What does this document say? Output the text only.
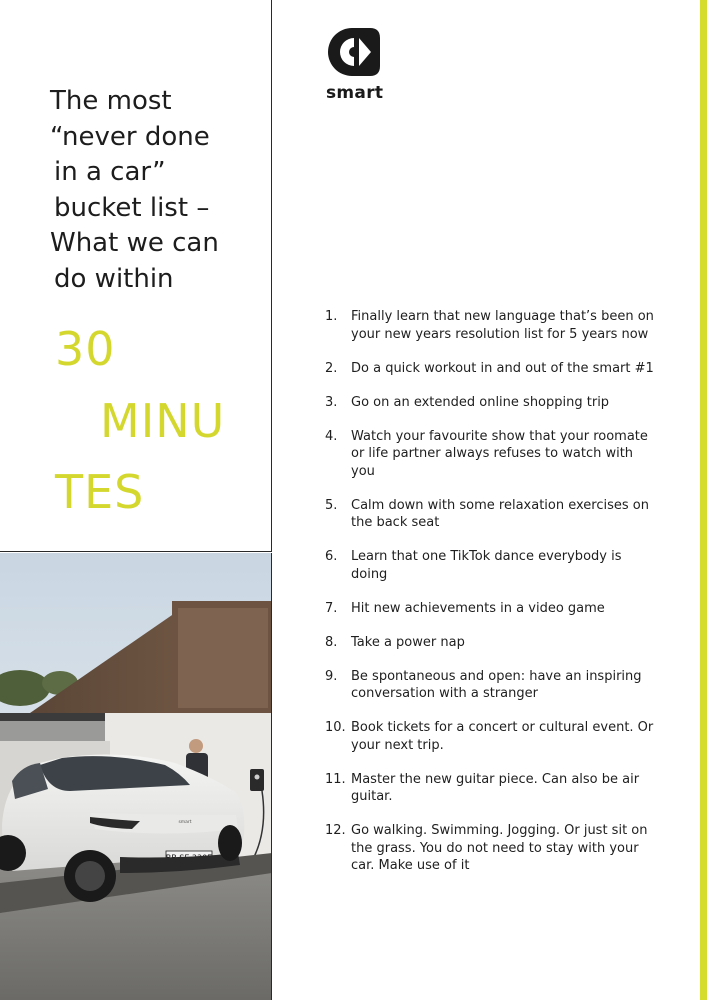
The most
“never done
in a car”
bucket list –
What we can
do within
30
MINU
TES
smart
smart
1.	Finally learn that new language that’s been on your new years resolution list for 5 years now
2.	Do a quick workout in and out of the smart #1
3.	Go on an extended online shopping trip
4.	Watch your favourite show that your roomate or life partner always refuses to watch with you
5.	Calm down with some relaxation exercises on the back seat
6.	Learn that one TikTok dance everybody is doing
7.	Hit new achievements in a video game
8.	Take a power nap
9.	Be spontaneous and open: have an inspiring conversation with a stranger
10. Book tickets for a concert or cultural event. Or your next trip.
11. Master the new guitar piece. Can also be air guitar.
12. Go walking. Swimming. Jogging. Or just sit on the grass. You do not need to stay with your car. Make use of it
